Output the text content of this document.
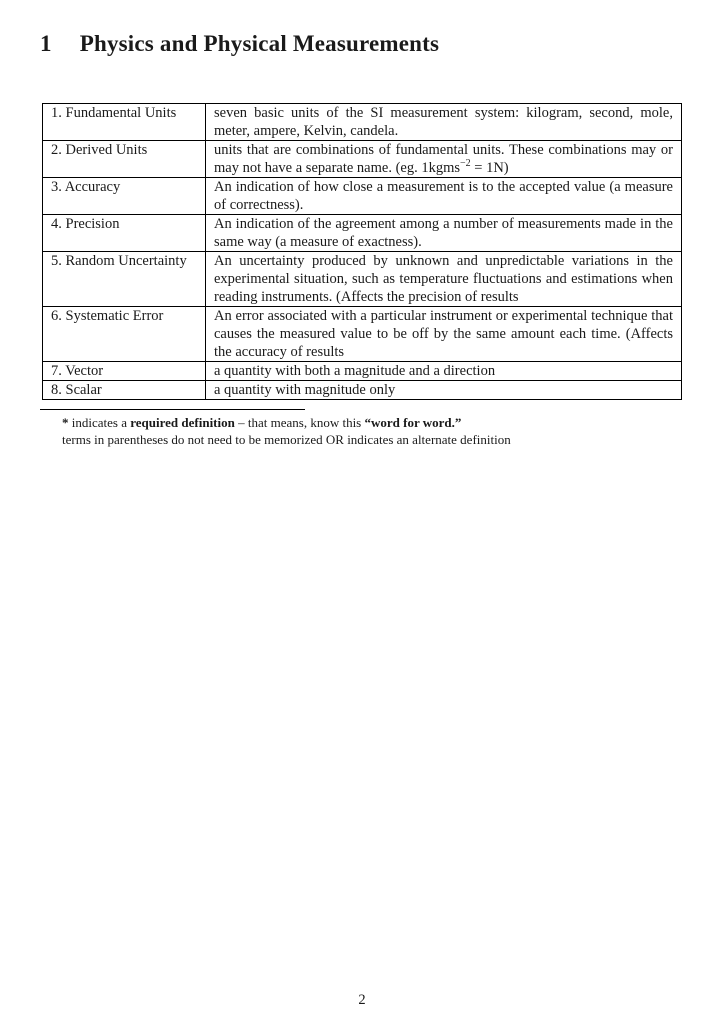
1 Physics and Physical Measurements
1. Fundamental Units	seven basic units of the SI measurement system: kilogram, second, mole, meter, ampere, Kelvin, candela.
2. Derived Units	units that are combinations of fundamental units. These combinations may or may not have a separate name. (eg. 1kgms$^{-2}$ = 1N)
3. Accuracy	An indication of how close a measurement is to the accepted value (a measure of correctness).
4. Precision	An indication of the agreement among a number of measurements made in the same way (a measure of exactness).
5. Random Uncertainty	An uncertainty produced by unknown and unpredictable variations in the experimental situation, such as temperature fluctuations and estimations when reading instruments. (Affects the precision of results
6. Systematic Error	An error associated with a particular instrument or experimental technique that causes the measured value to be off by the same amount each time. (Affects the accuracy of results
7. Vector	a quantity with both a magnitude and a direction
8. Scalar	a quantity with magnitude only

* indicates a required definition – that means, know this “word for word.”

terms in parentheses do not need to be memorized OR indicates an alternate definition

2
